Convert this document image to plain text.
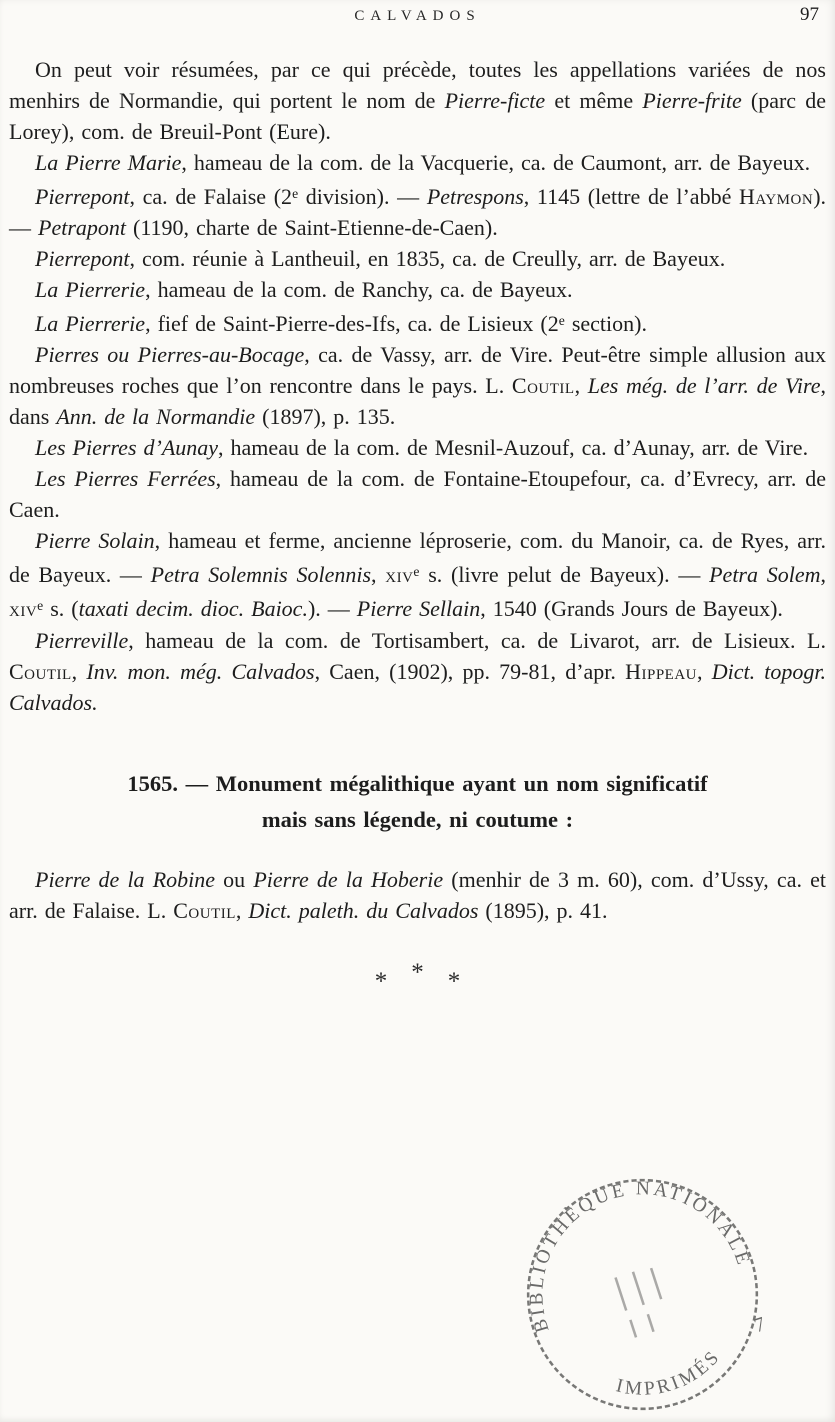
CALVADOS	97

On peut voir résumées, par ce qui précède, toutes les appellations variées de nos menhirs de Normandie, qui portent le nom de Pierre-ficte et même Pierre-frite (parc de Lorey), com. de Breuil-Pont (Eure).

La Pierre Marie, hameau de la com. de la Vacquerie, ca. de Caumont, arr. de Bayeux.

Pierrepont, ca. de Falaise (2e division). — Petrespons, 1145 (lettre de l’abbé Haymon). — Petrapont (1190, charte de Saint-Etienne-de-Caen).

Pierrepont, com. réunie à Lantheuil, en 1835, ca. de Creully, arr. de Bayeux.

La Pierrerie, hameau de la com. de Ranchy, ca. de Bayeux.

La Pierrerie, fief de Saint-Pierre-des-Ifs, ca. de Lisieux (2e section).

Pierres ou Pierres-au-Bocage, ca. de Vassy, arr. de Vire. Peut-être simple allusion aux nombreuses roches que l’on rencontre dans le pays. L. Coutil, Les még. de l’arr. de Vire, dans Ann. de la Normandie (1897), p. 135.

Les Pierres d’Aunay, hameau de la com. de Mesnil-Auzouf, ca. d’Aunay, arr. de Vire.

Les Pierres Ferrées, hameau de la com. de Fontaine-Etoupefour, ca. d’Evrecy, arr. de Caen.

Pierre Solain, hameau et ferme, ancienne léproserie, com. du Manoir, ca. de Ryes, arr. de Bayeux. — Petra Solemnis Solennis, xiv$^e$ s. (livre pelut de Bayeux). — Petra Solem, xiv$^e$ s. (taxati decim. dioc. Baioc.). — Pierre Sellain, 1540 (Grands Jours de Bayeux).

Pierreville, hameau de la com. de Tortisambert, ca. de Livarot, arr. de Lisieux. L. Coutil, Inv. mon. még. Calvados, Caen, (1902), pp. 79-81, d’apr. Hippeau, Dict. topogr. Calvados.

1565. — Monument mégalithique ayant un nom significatif
mais sans légende, ni coutume :

Pierre de la Robine ou Pierre de la Hoberie (menhir de 3 m. 60), com. d’Ussy, ca. et arr. de Falaise. L. Coutil, Dict. paleth. du Calvados (1895), p. 41.

* * *
BIBLIOTHÈQUE NATIONALE
IMPRIMÉS
7
